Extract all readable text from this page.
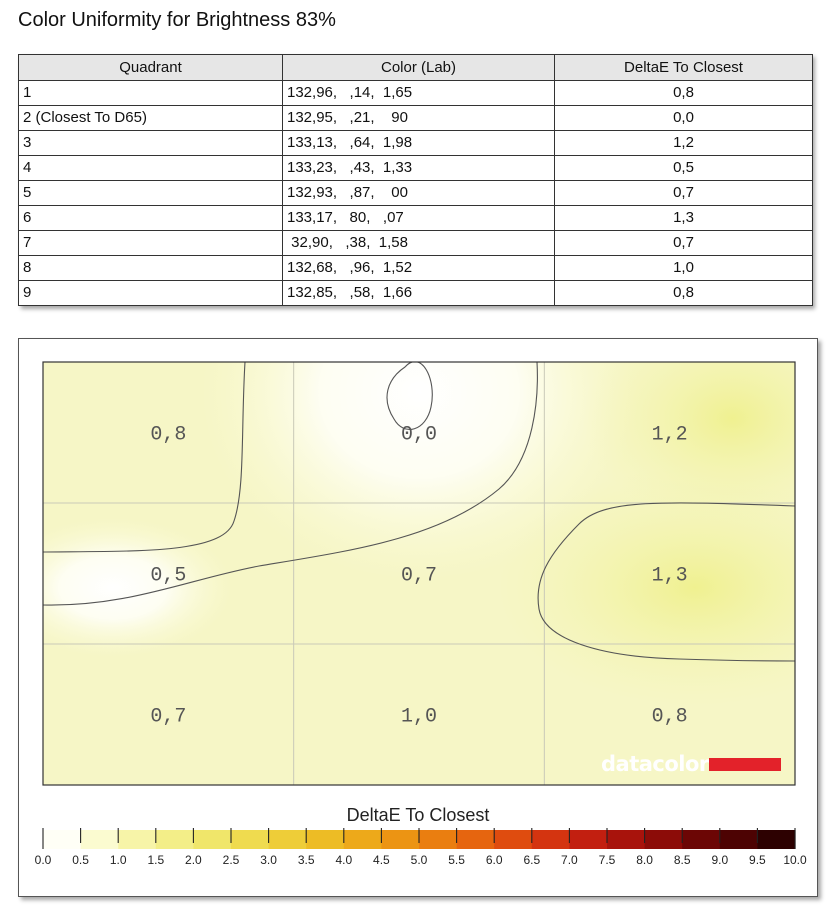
Color Uniformity for Brightness 83%
Quadrant	Color (Lab)	DeltaE To Closest
1	132,96,   ,14,  1,65	0,8
2 (Closest To D65)	132,95,   ,21,    90	0,0
3	133,13,   ,64,  1,98	1,2
4	133,23,   ,43,  1,33	0,5
5	132,93,   ,87,    00	0,7
6	133,17,   80,   ,07	1,3
7	32,90,   ,38,  1,58	0,7
8	132,68,   ,96,  1,52	1,0
9	132,85,   ,58,  1,66	0,8
0,8	0,0	1,2
0,5	0,7	1,3
0,7	1,0	0,8
0.0 0.5 1.0 1.5 2.0 2.5 3.0 3.5 4.0 4.5 5.0 5.5 6.0 6.5 7.0 7.5 8.0 8.5 9.0 9.5 10.0
datacolor
DeltaE To Closest
